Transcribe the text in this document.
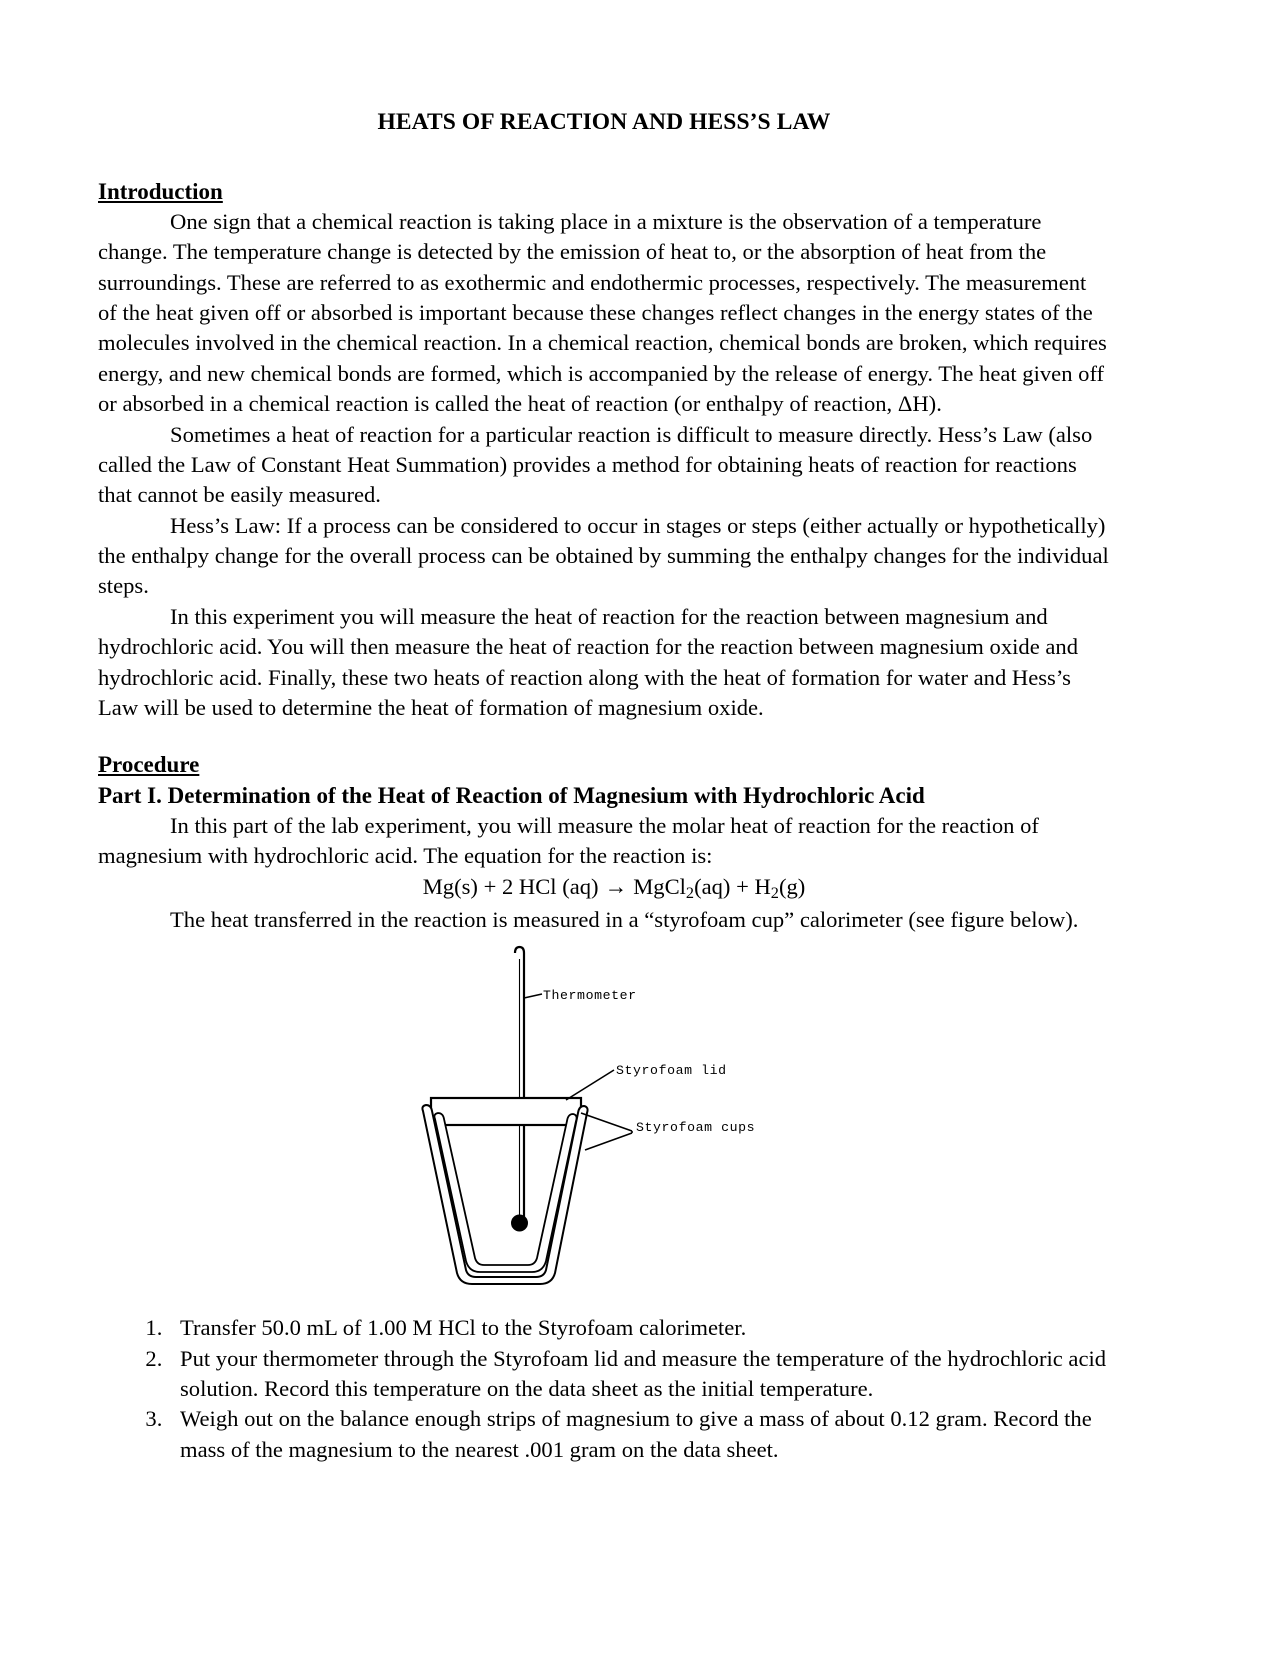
HEATS OF REACTION AND HESS’S LAW
Introduction

One sign that a chemical reaction is taking place in a mixture is the observation of a temperature change. The temperature change is detected by the emission of heat to, or the absorption of heat from the surroundings. These are referred to as exothermic and endothermic processes, respectively. The measurement of the heat given off or absorbed is important because these changes reflect changes in the energy states of the molecules involved in the chemical reaction. In a chemical reaction, chemical bonds are broken, which requires energy, and new chemical bonds are formed, which is accompanied by the release of energy. The heat given off or absorbed in a chemical reaction is called the heat of reaction (or enthalpy of reaction, ΔH).

Sometimes a heat of reaction for a particular reaction is difficult to measure directly. Hess’s Law (also called the Law of Constant Heat Summation) provides a method for obtaining heats of reaction for reactions that cannot be easily measured.

Hess’s Law: If a process can be considered to occur in stages or steps (either actually or hypothetically) the enthalpy change for the overall process can be obtained by summing the enthalpy changes for the individual steps.

In this experiment you will measure the heat of reaction for the reaction between magnesium and hydrochloric acid. You will then measure the heat of reaction for the reaction between magnesium oxide and hydrochloric acid. Finally, these two heats of reaction along with the heat of formation for water and Hess’s Law will be used to determine the heat of formation of magnesium oxide.

Procedure
Part I. Determination of the Heat of Reaction of Magnesium with Hydrochloric Acid

In this part of the lab experiment, you will measure the molar heat of reaction for the reaction of magnesium with hydrochloric acid. The equation for the reaction is:

Mg(s) + 2 HCl (aq) → MgCl$_2$(aq) + $H_2(g)$

The heat transferred in the reaction is measured in a “styrofoam cup” calorimeter (see figure below).

Thermometer
Styrofoam lid
Styrofoam cups
1. Transfer 50.0 mL of 1.00 M HCl to the Styrofoam calorimeter.
2. Put your thermometer through the Styrofoam lid and measure the temperature of the hydrochloric acid solution. Record this temperature on the data sheet as the initial temperature.
3. Weigh out on the balance enough strips of magnesium to give a mass of about 0.12 gram. Record the mass of the magnesium to the nearest .001 gram on the data sheet.
